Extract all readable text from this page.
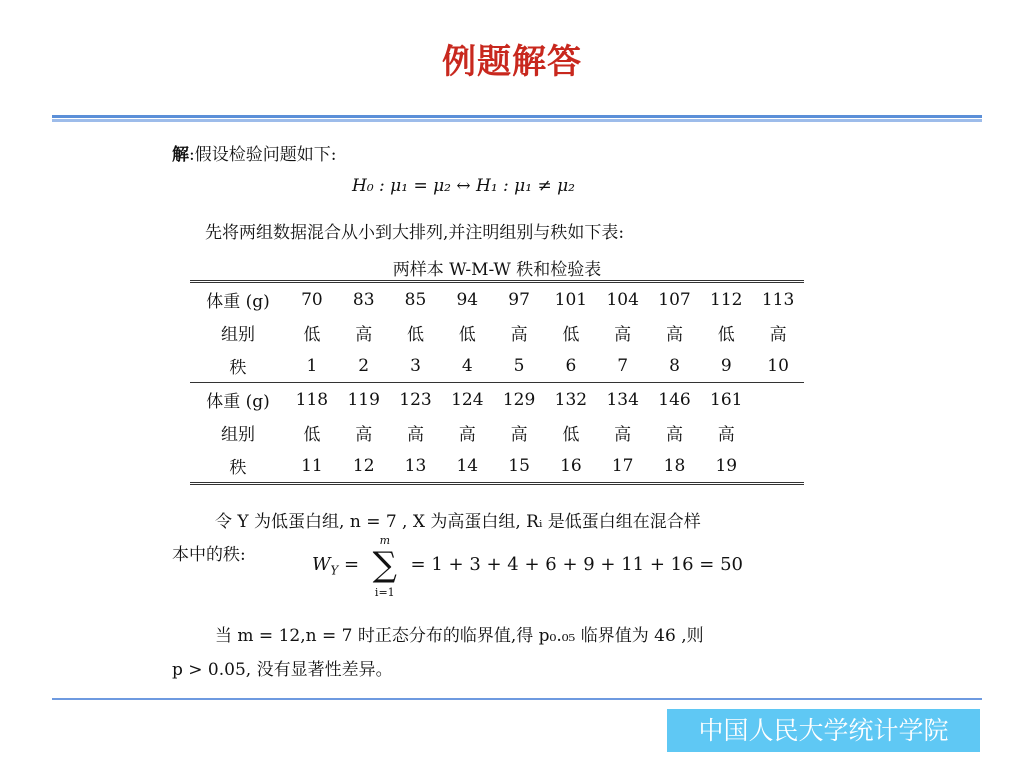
例题解答
解:假设检验问题如下:
H₀ : μ₁ = μ₂ ↔ H₁ : μ₁ ≠ μ₂
先将两组数据混合从小到大排列,并注明组别与秩如下表:
两样本 W-M-W 秩和检验表
体重 (g)	70	83	85	94	97	101	104	107	112	113
组别	低	高	低	低	高	低	高	高	低	高
秩	1	2	3	4	5	6	7	8	9	10
体重 (g)	118	119	123	124	129	132	134	146	161	
组别	低	高	高	高	高	低	高	高	高	
秩	11	12	13	14	15	16	17	18	19	
令 Y 为低蛋白组, n = 7 , X 为高蛋白组, Rᵢ 是低蛋白组在混合样
本中的秩:	$W_Y$ =
m
∑
i=1
= 1 + 3 + 4 + 6 + 9 + 11 + 16 = 50
当 m = 12,n = 7 时正态分布的临界值,得 p₀.₀₅ 临界值为 46 ,则
p > 0.05, 没有显著性差异。
中国人民大学统计学院
